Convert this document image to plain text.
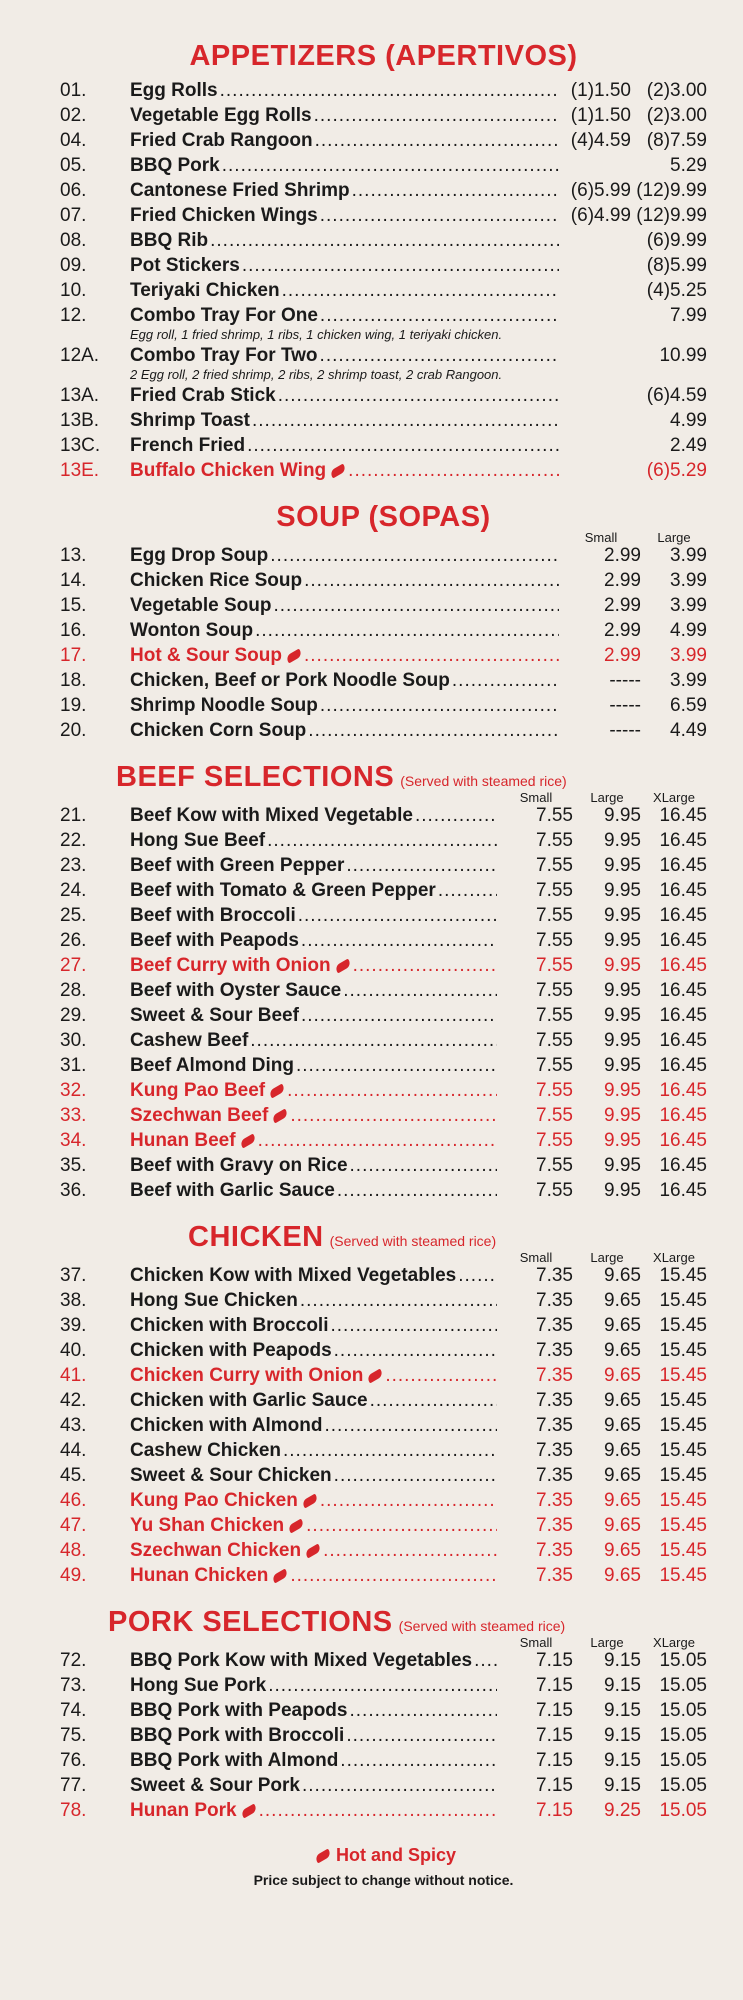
APPETIZERS (APERTIVOS)
01.	Egg Rolls .....	(1)1.50 (2)3.00
02.	Vegetable Egg Rolls .....	(1)1.50 (2)3.00
04.	Fried Crab Rangoon .....	(4)4.59 (8)7.59
05.	BBQ Pork .....	5.29
06.	Cantonese Fried Shrimp .....	(6)5.99 (12)9.99
07.	Fried Chicken Wings .....	(6)4.99 (12)9.99
08.	BBQ Rib .....	(6)9.99
09.	Pot Stickers .....	(8)5.99
10.	Teriyaki Chicken .....	(4)5.25
12.	Combo Tray For One .....	7.99
Egg roll, 1 fried shrimp, 1 ribs, 1 chicken wing, 1 teriyaki chicken.
12A.	Combo Tray For Two .....	10.99
2 Egg roll, 2 fried shrimp, 2 ribs, 2 shrimp toast, 2 crab Rangoon.
13A.	Fried Crab Stick .....	(6)4.59
13B.	Shrimp Toast .....	4.99
13C.	French Fried .....	2.49
13E.	Buffalo Chicken Wing .....	(6)5.29
SOUP (SOPAS)
Small	Large
13.	Egg Drop Soup .....	2.99	3.99
14.	Chicken Rice Soup .....	2.99	3.99
15.	Vegetable Soup .....	2.99	3.99
16.	Wonton Soup .....	2.99	4.99
17.	Hot & Sour Soup .....	2.99	3.99
18.	Chicken, Beef or Pork Noodle Soup .....	-----	3.99
19.	Shrimp Noodle Soup .....	-----	6.59
20.	Chicken Corn Soup .....	-----	4.49
BEEF SELECTIONS (Served with steamed rice)
Small	Large XLarge
21.	Beef Kow with Mixed Vegetable .....	7.55	9.95 16.45
22.	Hong Sue Beef .....	7.55	9.95 16.45
23.	Beef with Green Pepper .....	7.55	9.95 16.45
24.	Beef with Tomato & Green Pepper .....	7.55	9.95 16.45
25.	Beef with Broccoli .....	7.55	9.95 16.45
26.	Beef with Peapods .....	7.55	9.95 16.45
27.	Beef Curry with Onion .....	7.55	9.95 16.45
28.	Beef with Oyster Sauce .....	7.55	9.95 16.45
29.	Sweet & Sour Beef .....	7.55	9.95 16.45
30.	Cashew Beef .....	7.55	9.95 16.45
31.	Beef Almond Ding .....	7.55	9.95 16.45
32.	Kung Pao Beef .....	7.55	9.95 16.45
33.	Szechwan Beef .....	7.55	9.95 16.45
34.	Hunan Beef .....	7.55	9.95 16.45
35.	Beef with Gravy on Rice .....	7.55	9.95 16.45
36.	Beef with Garlic Sauce .....	7.55	9.95 16.45
CHICKEN (Served with steamed rice)
Small	Large XLarge
37.	Chicken Kow with Mixed Vegetables .....	7.35	9.65 15.45
38.	Hong Sue Chicken .....	7.35	9.65 15.45
39.	Chicken with Broccoli .....	7.35	9.65 15.45
40.	Chicken with Peapods .....	7.35	9.65 15.45
41.	Chicken Curry with Onion .....	7.35	9.65 15.45
42.	Chicken with Garlic Sauce .....	7.35	9.65 15.45
43.	Chicken with Almond .....	7.35	9.65 15.45
44.	Cashew Chicken .....	7.35	9.65 15.45
45.	Sweet & Sour Chicken .....	7.35	9.65 15.45
46.	Kung Pao Chicken .....	7.35	9.65 15.45
47.	Yu Shan Chicken .....	7.35	9.65 15.45
48.	Szechwan Chicken .....	7.35	9.65 15.45
49.	Hunan Chicken .....	7.35	9.65 15.45
PORK SELECTIONS (Served with steamed rice)
Small	Large XLarge
72.	BBQ Pork Kow with Mixed Vegetables .....	7.15	9.15 15.05
73.	Hong Sue Pork .....	7.15	9.15 15.05
74.	BBQ Pork with Peapods .....	7.15	9.15 15.05
75.	BBQ Pork with Broccoli .....	7.15	9.15 15.05
76.	BBQ Pork with Almond .....	7.15	9.15 15.05
77.	Sweet & Sour Pork .....	7.15	9.15 15.05
78.	Hunan Pork .....	7.15	9.25 15.05
Hot and Spicy
Price subject to change without notice.
